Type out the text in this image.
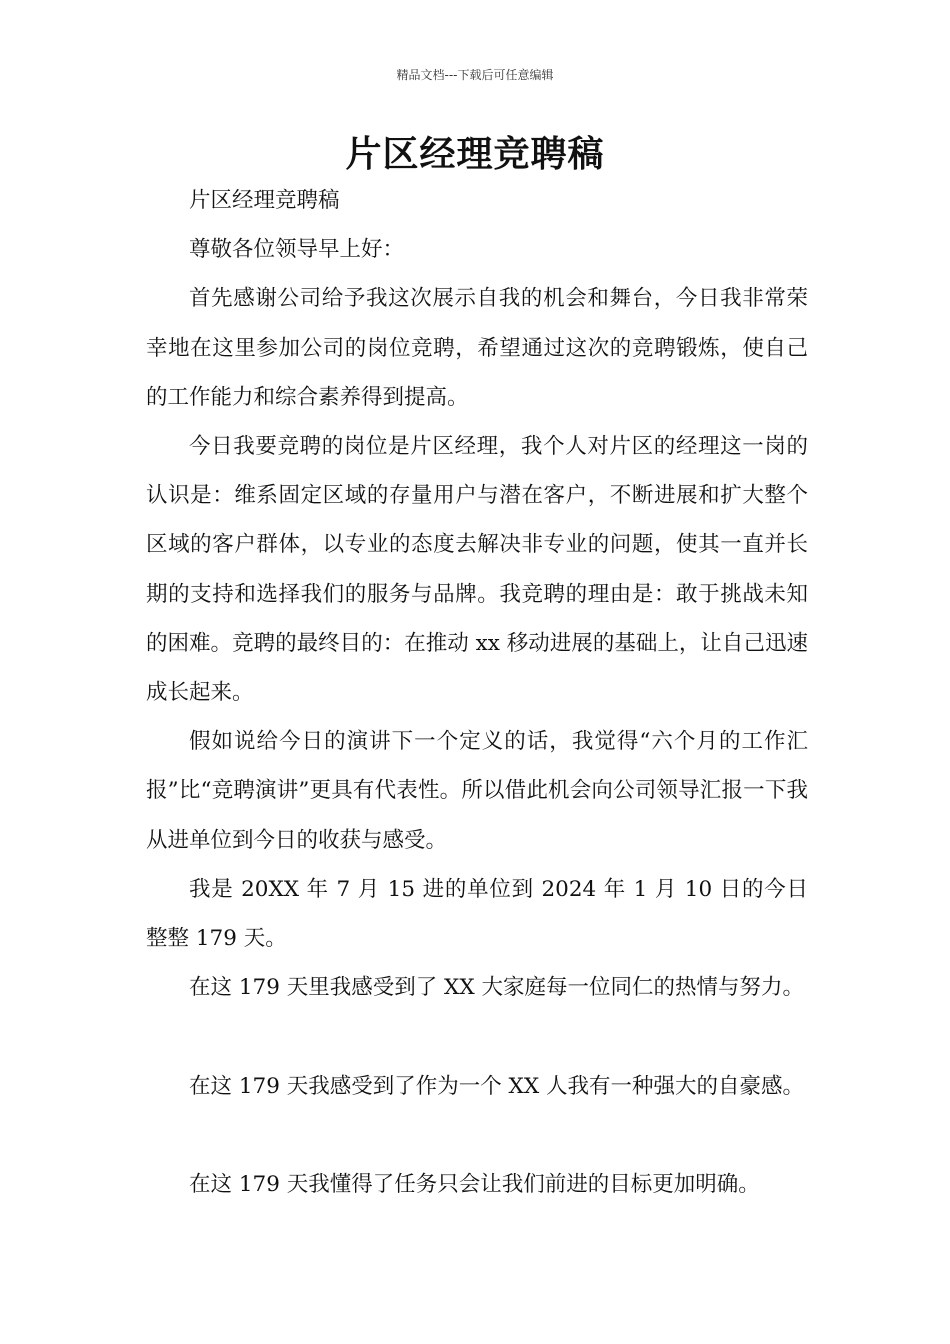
精品文档---下载后可任意编辑
片区经理竞聘稿

片区经理竞聘稿

尊敬各位领导早上好：

首先感谢公司给予我这次展示自我的机会和舞台，今日我非常荣幸地在这里参加公司的岗位竞聘，希望通过这次的竞聘锻炼，使自己的工作能力和综合素养得到提高。

今日我要竞聘的岗位是片区经理，我个人对片区的经理这一岗的认识是：维系固定区域的存量用户与潜在客户，不断进展和扩大整个区域的客户群体，以专业的态度去解决非专业的问题，使其一直并长期的支持和选择我们的服务与品牌。我竞聘的理由是：敢于挑战未知的困难。竞聘的最终目的：在推动 xx 移动进展的基础上，让自己迅速成长起来。

假如说给今日的演讲下一个定义的话，我觉得“六个月的工作汇报”比“竞聘演讲”更具有代表性。所以借此机会向公司领导汇报一下我从进单位到今日的收获与感受。

我是 20XX 年 7 月 15 进的单位到 2024 年 1 月 10 日的今日整整 179 天。

在这 179 天里我感受到了 XX 大家庭每一位同仁的热情与努力。

在这 179 天我感受到了作为一个 XX 人我有一种强大的自豪感。

在这 179 天我懂得了任务只会让我们前进的目标更加明确。
